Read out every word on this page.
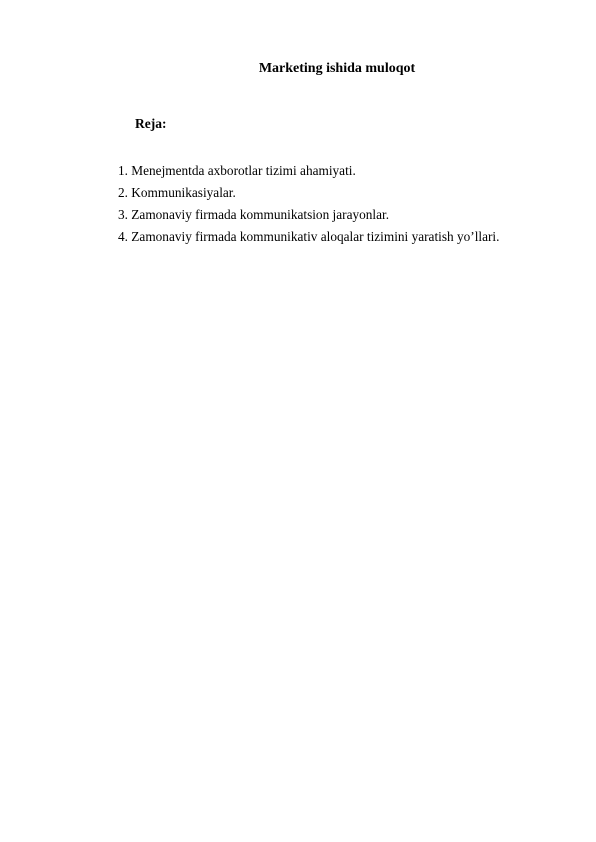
Marketing ishida muloqot
Reja:
1. Menejmentda axborotlar tizimi ahamiyati.
2. Kommunikasiyalar.
3. Zamonaviy firmada kommunikatsion jarayonlar.
4. Zamonaviy firmada kommunikativ aloqalar tizimini yaratish yo’llari.
